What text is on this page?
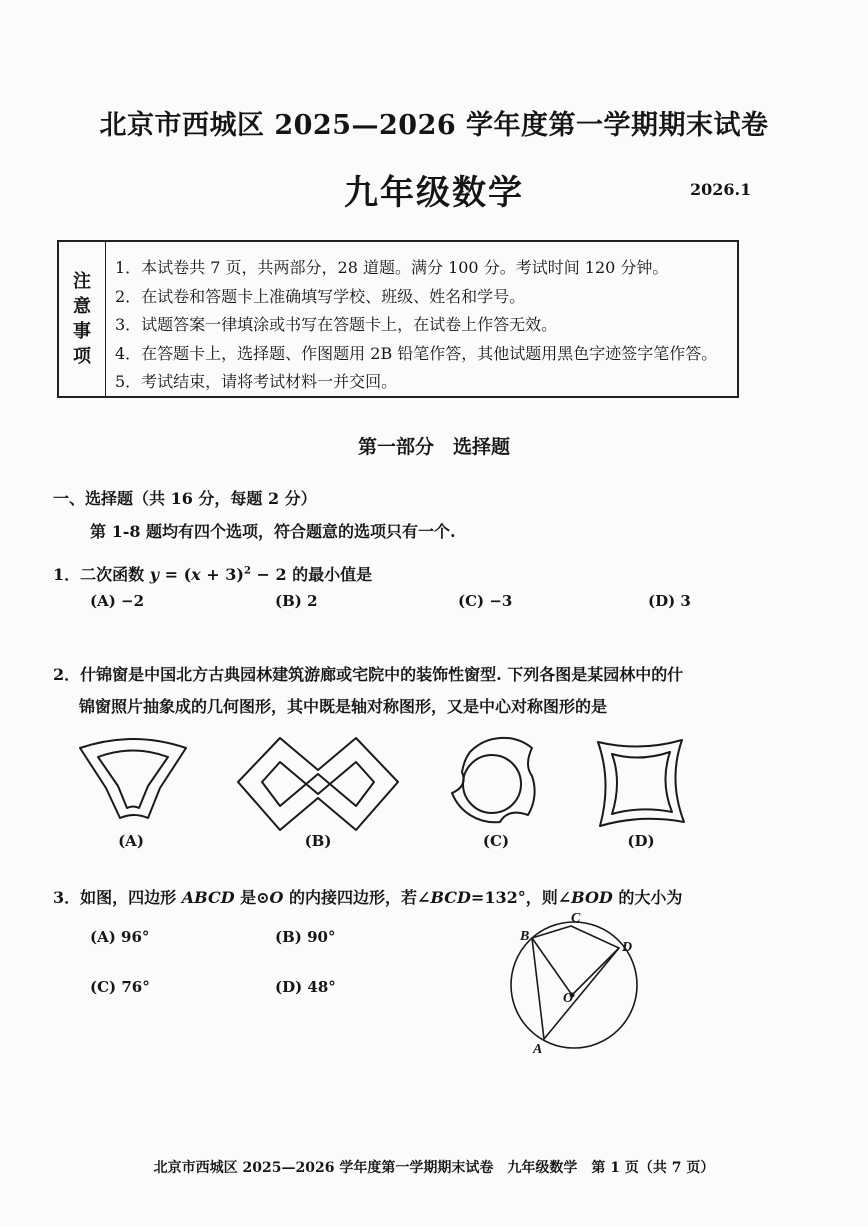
北京市西城区 2025—2026 学年度第一学期期末试卷
九年级数学	2026.1
注
意
事
项
1．本试卷共 7 页，共两部分，28 道题。满分 100 分。考试时间 120 分钟。
2．在试卷和答题卡上准确填写学校、班级、姓名和学号。
3．试题答案一律填涂或书写在答题卡上，在试卷上作答无效。
4．在答题卡上，选择题、作图题用 2B 铅笔作答，其他试题用黑色字迹签字笔作答。
5．考试结束，请将考试材料一并交回。
第一部分　选择题
一、选择题（共 16 分，每题 2 分）
第 1-8 题均有四个选项，符合题意的选项只有一个.
1．二次函数 $y = (x + 3)^2 - 2$ 的最小值是
(A) −2	(B) 2	(C) −3	(D) 3
2．什锦窗是中国北方古典园林建筑游廊或宅院中的装饰性窗型. 下列各图是某园林中的什
锦窗照片抽象成的几何图形，其中既是轴对称图形，又是中心对称图形的是
(A)	(B)	(C)	(D)
3．如图，四边形 ABCD 是⊙O 的内接四边形，若∠BCD=132°，则∠BOD 的大小为
(A) 96°	(B) 90°
(C) 76°	(D) 48°
B
C
D
O
A
北京市西城区 2025—2026 学年度第一学期期末试卷　九年级数学　第 1 页（共 7 页）
